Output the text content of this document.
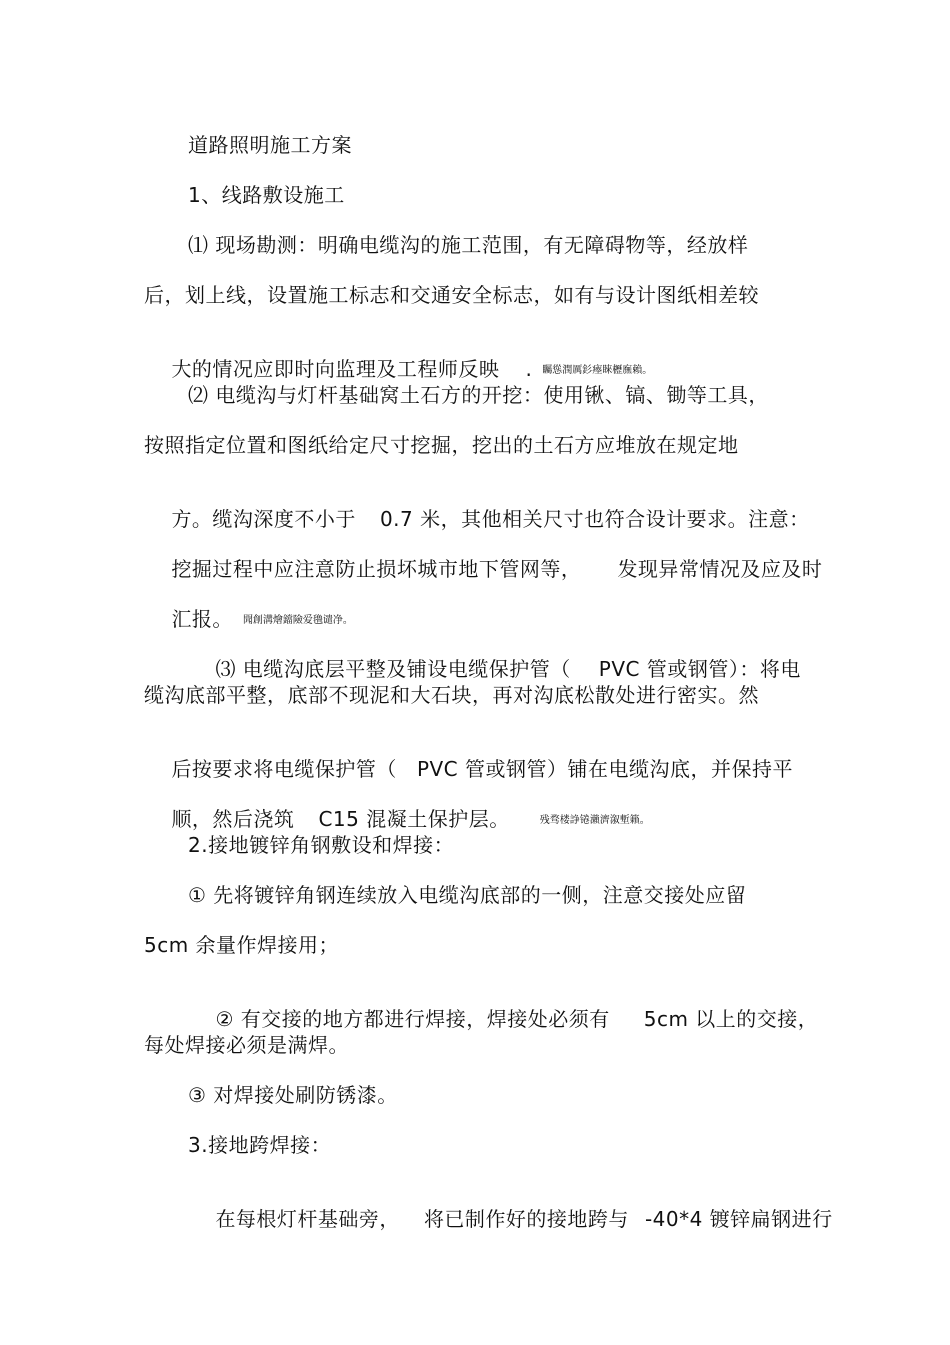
道路照明施工方案
1、线路敷设施工
⑴ 现场勘测：明确电缆沟的施工范围，有无障碍物等，经放样
后，划上线，设置施工标志和交通安全标志，如有与设计图纸相差较

大的情况应即时向监理及工程师反映 . 矚慫潤厲釤瘞睞櫪廡賴。

⑵ 电缆沟与灯杆基础窝土石方的开挖：使用锹、镐、锄等工具，
按照指定位置和图纸给定尺寸挖掘，挖出的土石方应堆放在规定地

方。缆沟深度不小于 0.7 米，其他相关尺寸也符合设计要求。注意：

挖掘过程中应注意防止损坏城市地下管网等， 发现异常情况及应及时

汇报。 聞創溝燴鐺險爱氇谴净。

⑶ 电缆沟底层平整及铺设电缆保护管（ PVC 管或钢管）：将电

缆沟底部平整，底部不现泥和大石块，再对沟底松散处进行密实。然

后按要求将电缆保护管（ PVC 管或钢管）铺在电缆沟底，并保持平

顺，然后浇筑 C15 混凝土保护层。	残骛楼諍锩瀨濟溆塹籟。

2.接地镀锌角钢敷设和焊接：
① 先将镀锌角钢连续放入电缆沟底部的一侧，注意交接处应留
5cm 余量作焊接用；

② 有交接的地方都进行焊接，焊接处必须有 5cm 以上的交接，

每处焊接必须是满焊。
③ 对焊接处刷防锈漆。
3.接地跨焊接：

在每根灯杆基础旁， 将已制作好的接地跨与 -40*4 镀锌扁钢进行
